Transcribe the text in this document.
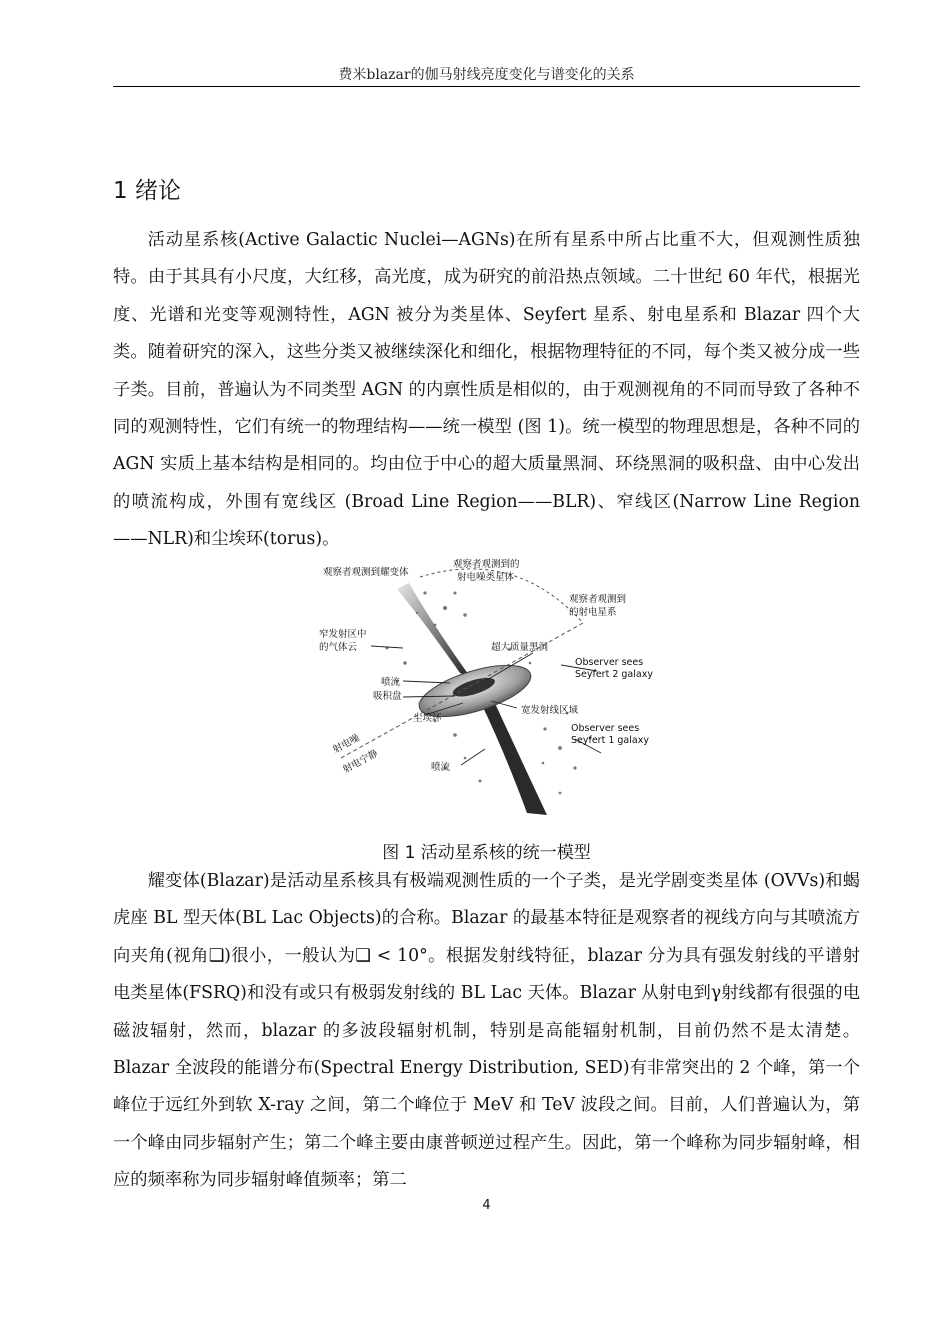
费米blazar的伽马射线亮度变化与谱变化的关系
1 绪论

活动星系核(Active Galactic Nuclei—AGNs)在所有星系中所占比重不大，但观测性质独特。由于其具有小尺度，大红移，高光度，成为研究的前沿热点领域。二十世纪 60 年代，根据光度、光谱和光变等观测特性，AGN 被分为类星体、Seyfert 星系、射电星系和 Blazar 四个大类。随着研究的深入，这些分类又被继续深化和细化，根据物理特征的不同，每个类又被分成一些子类。目前，普遍认为不同类型 AGN 的内禀性质是相似的，由于观测视角的不同而导致了各种不同的观测特性，它们有统一的物理结构——统一模型 (图 1)。统一模型的物理思想是，各种不同的 AGN 实质上基本结构是相同的。均由位于中心的超大质量黑洞、环绕黑洞的吸积盘、由中心发出的喷流构成，外围有宽线区 (Broad Line Region——BLR)、窄线区(Narrow Line Region——NLR)和尘埃环(torus)。

观察者观测到耀变体
观察者观测到的
射电噪类星体
观察者观测到
的射电星系
窄发射区中
的气体云	超大质量黑洞
Observer sees
Seyfert 2 galaxy
喷流
吸积盘
宽发射线区域
尘埃环
Observer sees
Seyfert 1 galaxy
射电噪
射电宁静	喷流
图 1 活动星系核的统一模型

耀变体(Blazar)是活动星系核具有极端观测性质的一个子类，是光学剧变类星体 (OVVs)和蝎虎座 BL 型天体(BL Lac Objects)的合称。Blazar 的最基本特征是观察者的视线方向与其喷流方向夹角(视角❑)很小，一般认为❑ < 10°。根据发射线特征，blazar 分为具有强发射线的平谱射电类星体(FSRQ)和没有或只有极弱发射线的 BL Lac 天体。Blazar 从射电到γ射线都有很强的电磁波辐射，然而，blazar 的多波段辐射机制，特别是高能辐射机制，目前仍然不是太清楚。Blazar 全波段的能谱分布(Spectral Energy Distribution, SED)有非常突出的 2 个峰，第一个峰位于远红外到软 X-ray 之间，第二个峰位于 MeV 和 TeV 波段之间。目前，人们普遍认为，第一个峰由同步辐射产生；第二个峰主要由康普顿逆过程产生。因此，第一个峰称为同步辐射峰，相应的频率称为同步辐射峰值频率；第二

4
